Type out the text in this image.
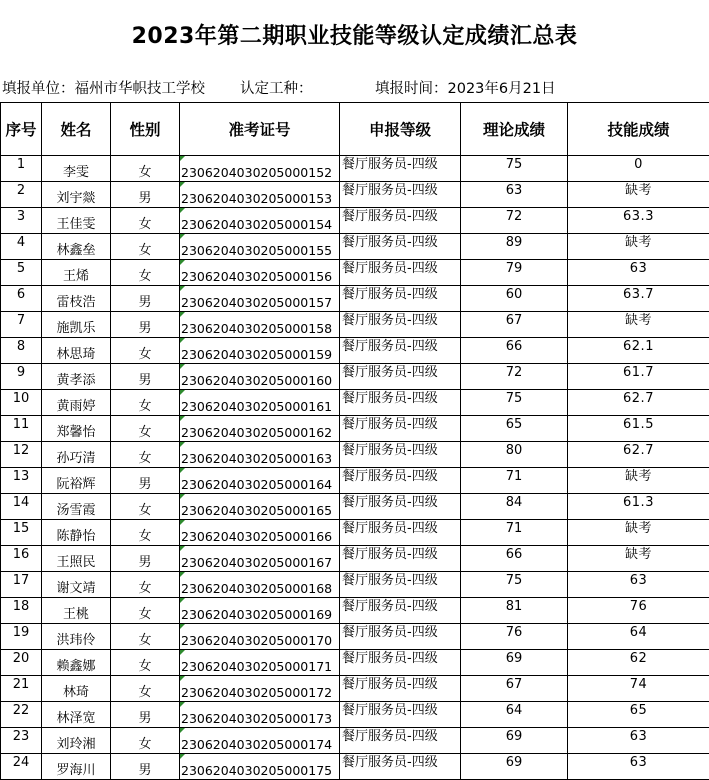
2023年第二期职业技能等级认定成绩汇总表
填报单位：福州市华帜技工学校 认定工种：	填报时间：2023年6月21日
序号	姓名	性别	准考证号	申报等级	理论成绩	技能成绩
1	李雯	女	2306204030205000152	餐厅服务员-四级	75	0
2	刘宇燚	男	2306204030205000153	餐厅服务员-四级	63	缺考
3	王佳雯	女	2306204030205000154	餐厅服务员-四级	72	63.3
4	林鑫垒	女	2306204030205000155	餐厅服务员-四级	89	缺考
5	王烯	女	2306204030205000156	餐厅服务员-四级	79	63
6	雷枝浩	男	2306204030205000157	餐厅服务员-四级	60	63.7
7	施凯乐	男	2306204030205000158	餐厅服务员-四级	67	缺考
8	林思琦	女	2306204030205000159	餐厅服务员-四级	66	62.1
9	黄孝添	男	2306204030205000160	餐厅服务员-四级	72	61.7
10	黄雨婷	女	2306204030205000161	餐厅服务员-四级	75	62.7
11	郑馨怡	女	2306204030205000162	餐厅服务员-四级	65	61.5
12	孙巧清	女	2306204030205000163	餐厅服务员-四级	80	62.7
13	阮裕辉	男	2306204030205000164	餐厅服务员-四级	71	缺考
14	汤雪霞	女	2306204030205000165	餐厅服务员-四级	84	61.3
15	陈静怡	女	2306204030205000166	餐厅服务员-四级	71	缺考
16	王照民	男	2306204030205000167	餐厅服务员-四级	66	缺考
17	谢文靖	女	2306204030205000168	餐厅服务员-四级	75	63
18	王桃	女	2306204030205000169	餐厅服务员-四级	81	76
19	洪玮伶	女	2306204030205000170	餐厅服务员-四级	76	64
20	赖鑫娜	女	2306204030205000171	餐厅服务员-四级	69	62
21	林琦	女	2306204030205000172	餐厅服务员-四级	67	74
22	林泽宽	男	2306204030205000173	餐厅服务员-四级	64	65
23	刘玲湘	女	2306204030205000174	餐厅服务员-四级	69	63
24	罗海川	男	2306204030205000175	餐厅服务员-四级	69	63
